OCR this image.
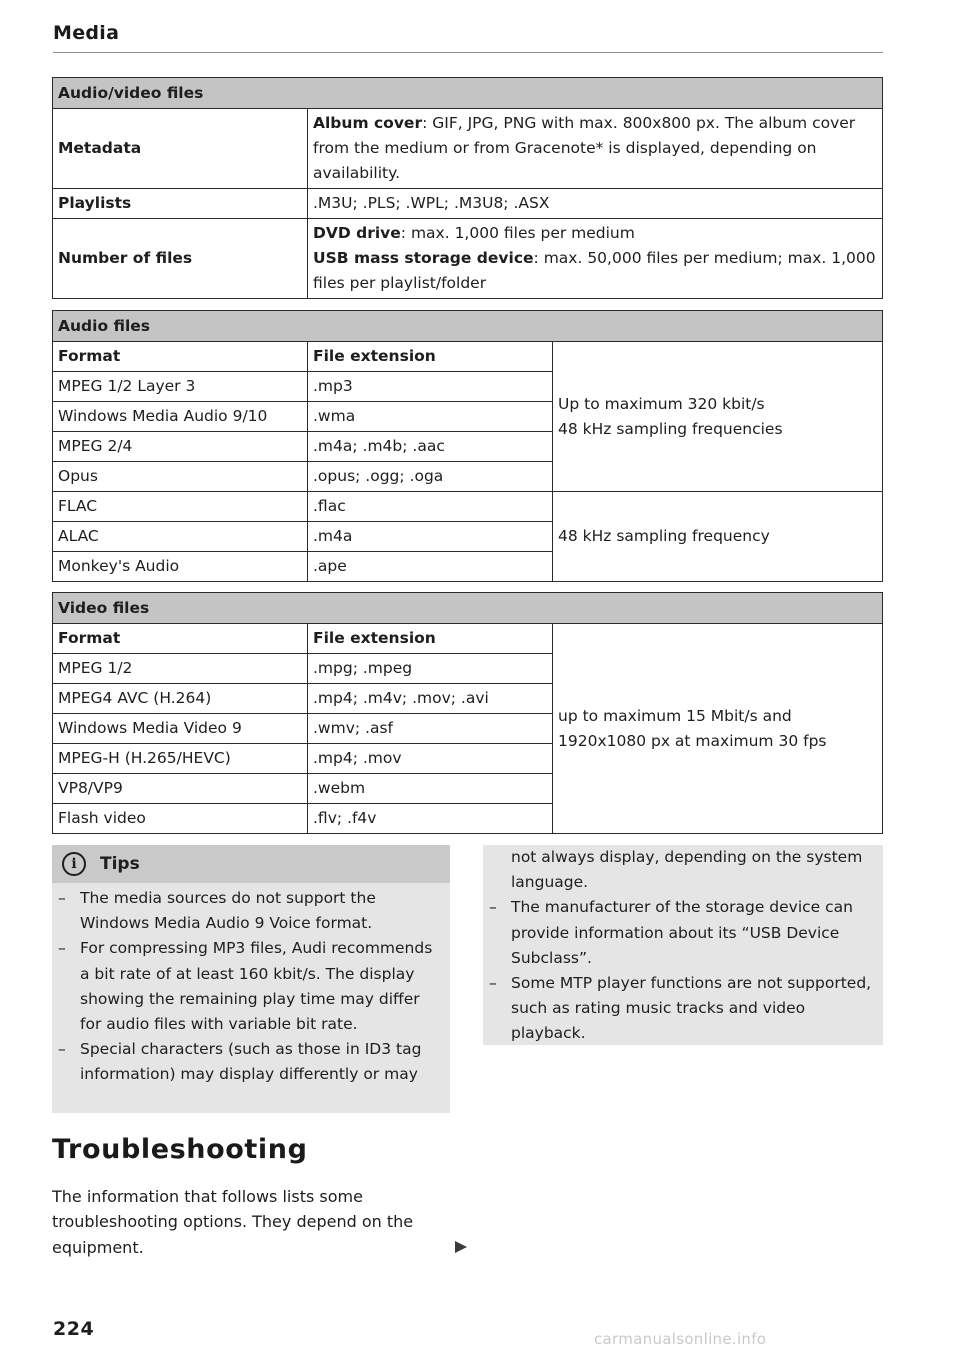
Media
Audio/video files	
Metadata	Album cover: GIF, JPG, PNG with max. 800x800 px. The album cover from the medium or from Gracenote* is displayed, depending on availability.
Playlists	.M3U; .PLS; .WPL; .M3U8; .ASX
Number of files	DVD drive: max. 1,000 files per medium
USB mass storage device: max. 50,000 files per medium; max. 1,000 files per playlist/folder
Audio files		
Format	File extension	Up to maximum 320 kbit/s
48 kHz sampling frequencies
MPEG 1/2 Layer 3	.mp3	
Windows Media Audio 9/10	.wma	
MPEG 2/4	.m4a; .m4b; .aac	
Opus	.opus; .ogg; .oga	
FLAC	.flac	48 kHz sampling frequency
ALAC	.m4a	
Monkey's Audio	.ape	
Video files		
Format	File extension	up to maximum 15 Mbit/s and
1920x1080 px at maximum 30 fps
MPEG 1/2	.mpg; .mpeg	
MPEG4 AVC (H.264)	.mp4; .m4v; .mov; .avi	
Windows Media Video 9	.wmv; .asf	
MPEG-H (H.265/HEVC)	.mp4; .mov	
VP8/VP9	.webm	
Flash video	.flv; .f4v	
i	Tips
– The media sources do not support the Windows Media Audio 9 Voice format.
– For compressing MP3 files, Audi recommends a bit rate of at least 160 kbit/s. The display showing the remaining play time may differ for audio files with variable bit rate.
– Special characters (such as those in ID3 tag information) may display differently or may
not always display, depending on the system language.
– The manufacturer of the storage device can provide information about its “USB Device Subclass”.
– Some MTP player functions are not supported, such as rating music tracks and video playback.
Troubleshooting
The information that follows lists some troubleshooting options. They depend on the equipment.
224	carmanualsonline.info
